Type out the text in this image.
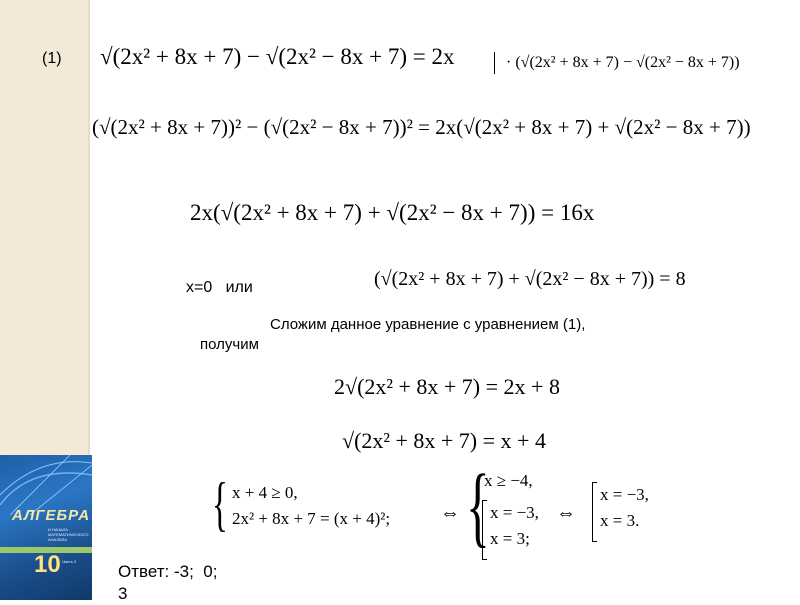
АЛГЕБРА
И НАЧАЛА МАТЕМАТИЧЕСКОГО АНАЛИЗА
10 Часть 2
(1) √(2x² + 8x + 7) − √(2x² − 8x + 7) = 2x	· (√(2x² + 8x + 7) − √(2x² − 8x + 7))
(√(2x² + 8x + 7))² − (√(2x² − 8x + 7))² = 2x(√(2x² + 8x + 7) + √(2x² − 8x + 7))
2x(√(2x² + 8x + 7) + √(2x² − 8x + 7)) = 16x
x=0   или	(√(2x² + 8x + 7) + √(2x² − 8x + 7)) = 8
Сложим данное уравнение с уравнением (1),
получим
2√(2x² + 8x + 7) = 2x + 8
√(2x² + 8x + 7) = x + 4
{ x + 4 ≥ 0,
2x² + 8x + 7 = (x + 4)²; ⇔ {
x ≥ −4,
x = −3,
x = 3;
⇔
x = −3,
x = 3.
Ответ: -3;  0;
3
